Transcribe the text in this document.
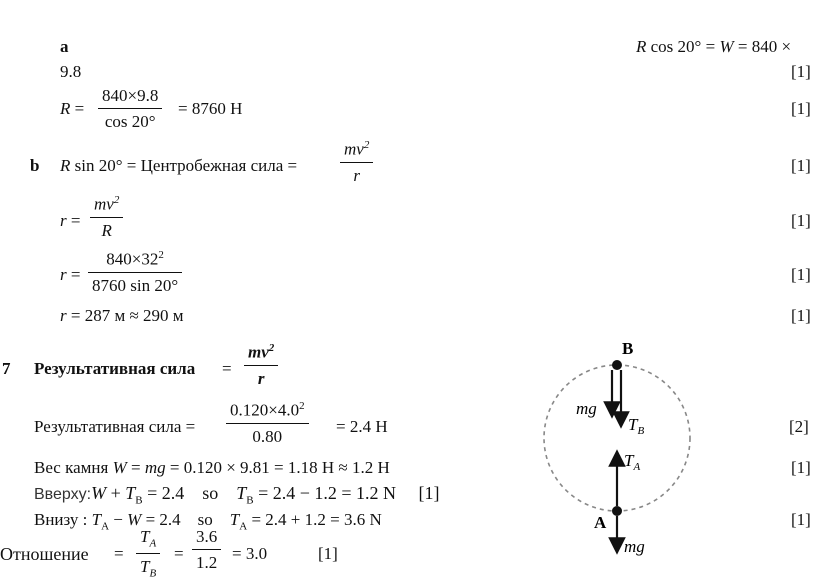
a	R cos 20° = W = 840 ×
9.8	[1]
$R = \frac{840\times 9.8}{\cos 20^\circ} = 8760$ Н	[1]
b R sin 20° = Центробежная сила =	$\frac{mv^2}{r}$	[1]
$r = \frac{mv^2}{R}$	[1]
$r = \frac{840\times 32^2}{8760 \sin 20^\circ}$	[1]
r = 287 м ≈ 290 м	[1]
7 Результативная сила = $\frac{mv^2}{r}$
Результативная сила = $\frac{0.120\times 4.0^2}{0.80} = 2.4$ Н	[2]
Вес камня W = mg = 0.120 × 9.81 = 1.18 Н ≈ 1.2 Н	[1]
Вверху:W + $T_B = 2.4$    so    $T_B = 2.4 - 1.2 = 1.2$ N     [1]
Внизу : $T_A - W = 2.4$    so    $T_A = 2.4 + 1.2 = 3.6$ N	[1]
Отношение = $\frac{T_A}{T_B} = \frac{3.6}{1.2} = 3.0$	[1]
B
mg
$T_B$
A
$T_A$
mg
